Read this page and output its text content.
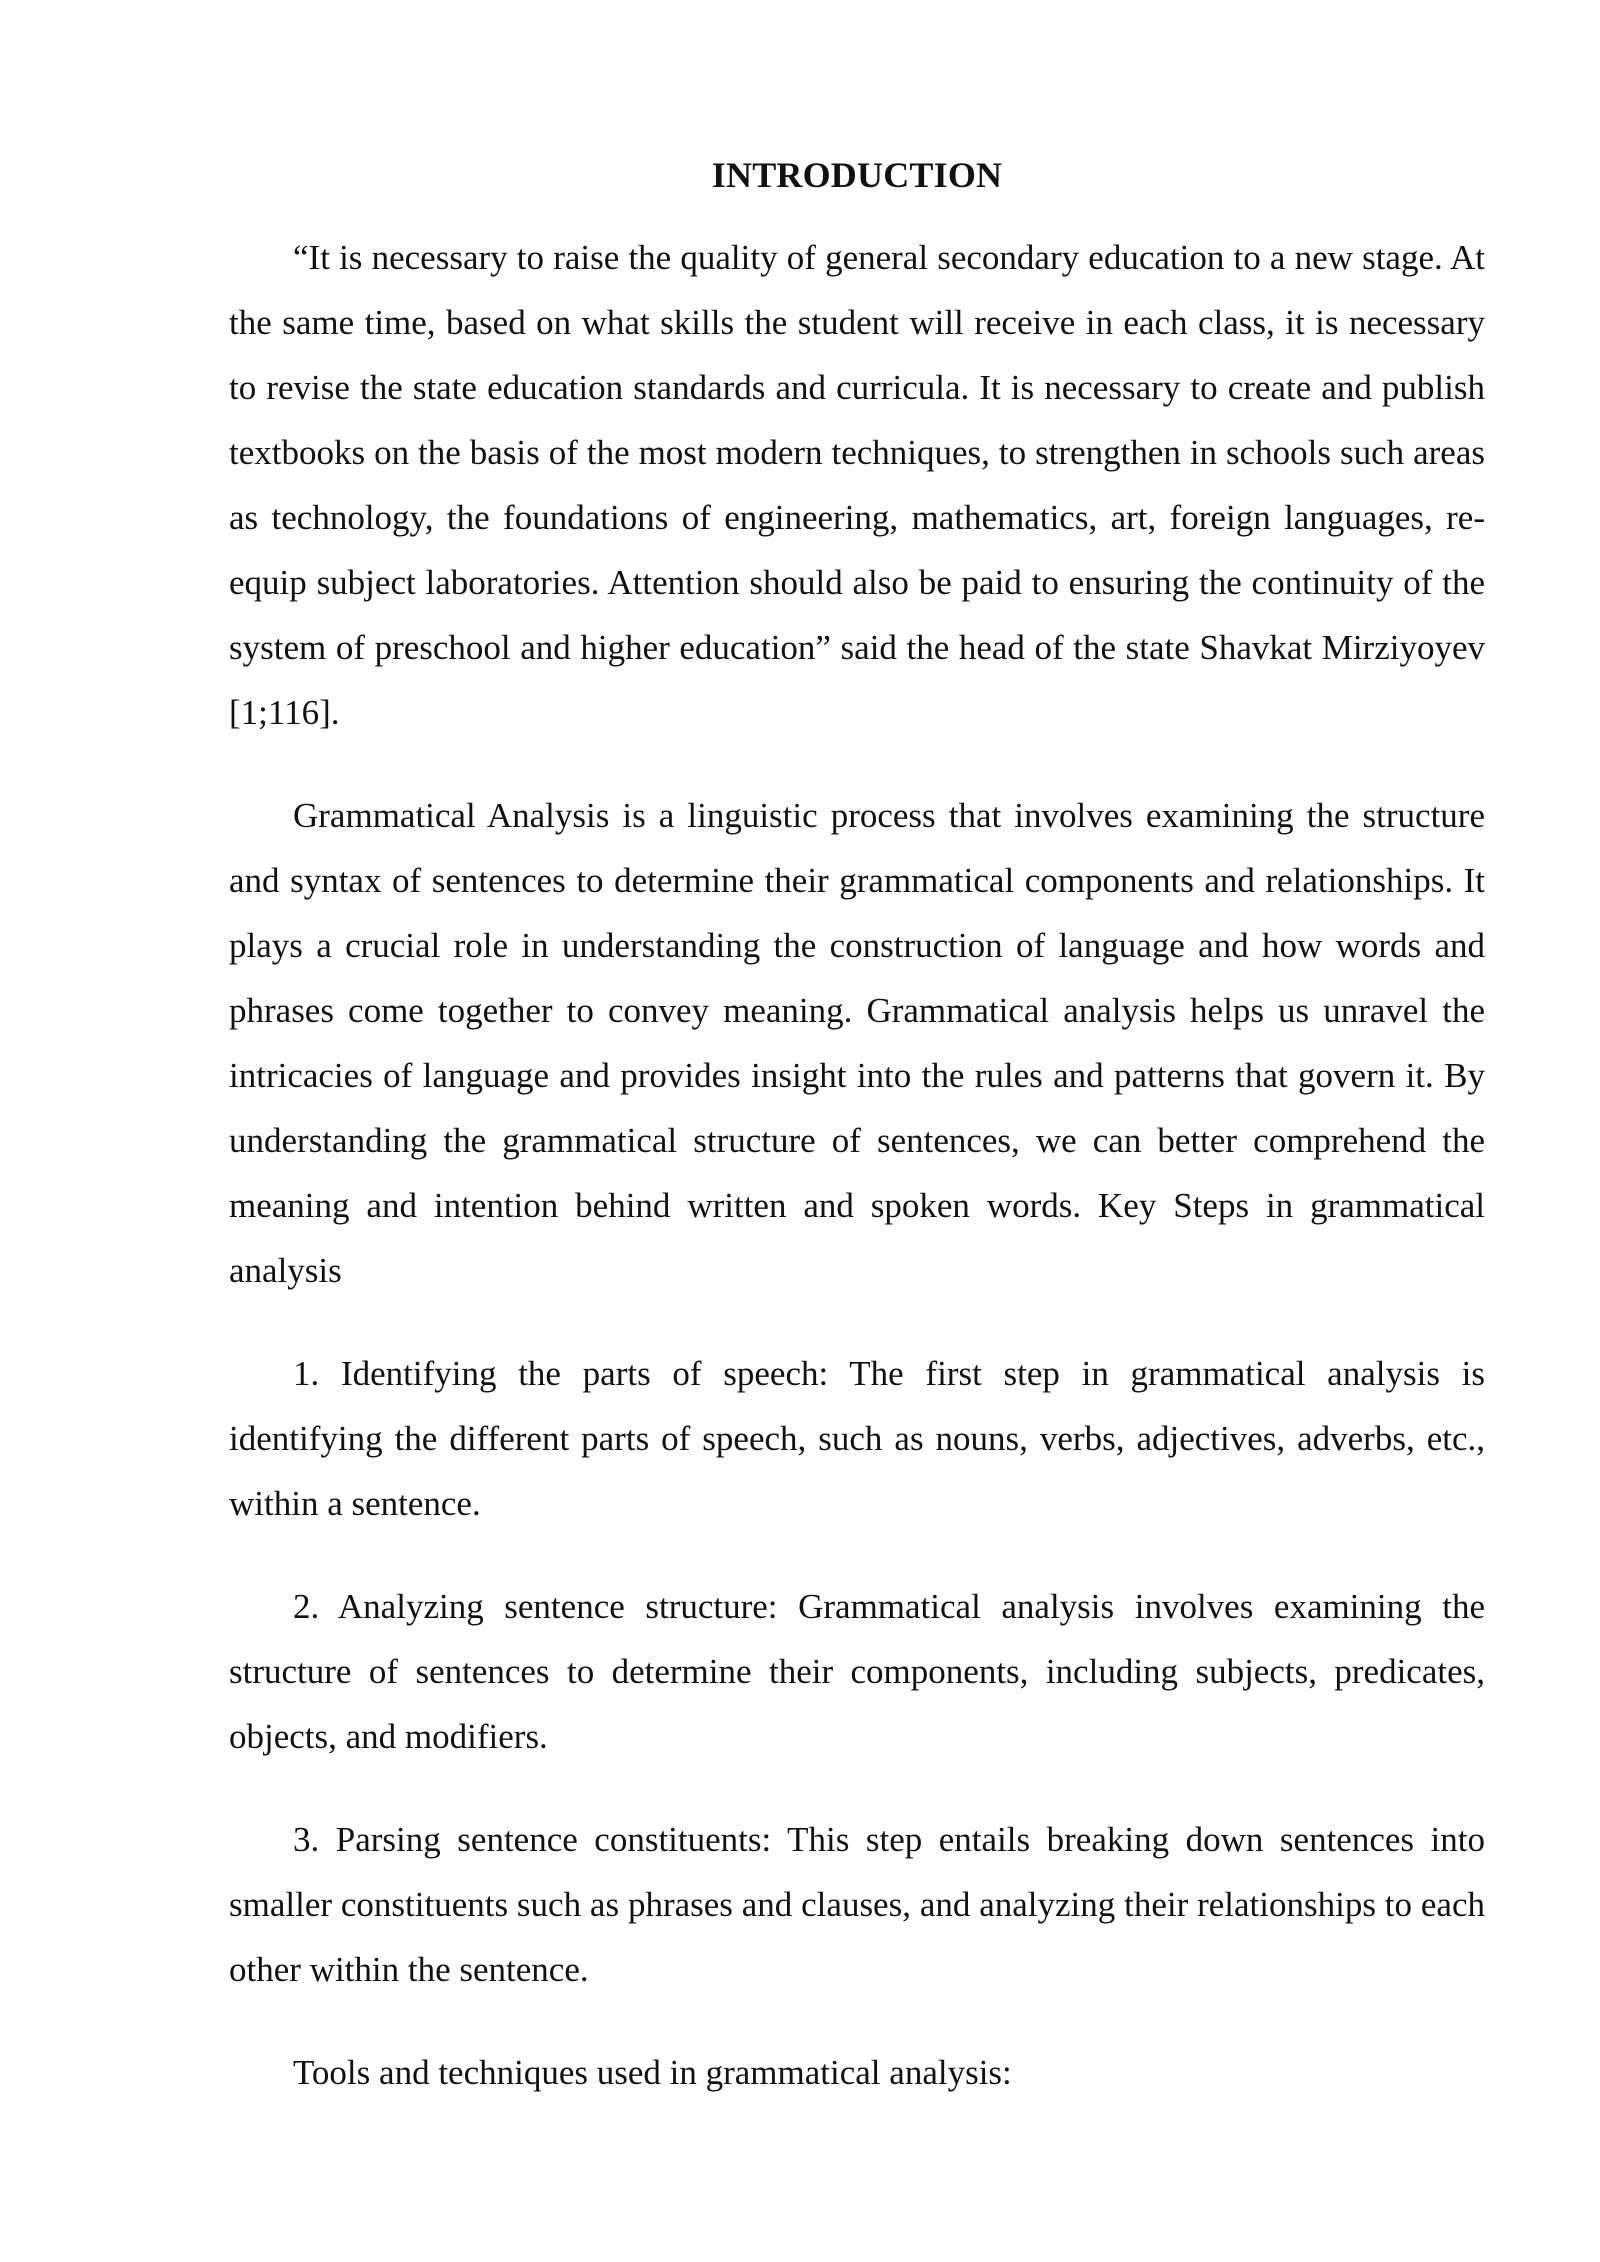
INTRODUCTION

“It is necessary to raise the quality of general secondary education to a new stage. At the same time, based on what skills the student will receive in each class, it is necessary to revise the state education standards and curricula. It is necessary to create and publish textbooks on the basis of the most modern techniques, to strengthen in schools such areas as technology, the foundations of engineering, mathematics, art, foreign languages, re-equip subject laboratories. Attention should also be paid to ensuring the continuity of the system of preschool and higher education” said the head of the state Shavkat Mirziyoyev [1;116].

Grammatical Analysis is a linguistic process that involves examining the structure and syntax of sentences to determine their grammatical components and relationships. It plays a crucial role in understanding the construction of language and how words and phrases come together to convey meaning. Grammatical analysis helps us unravel the intricacies of language and provides insight into the rules and patterns that govern it. By understanding the grammatical structure of sentences, we can better comprehend the meaning and intention behind written and spoken words. Key Steps in grammatical analysis

1. Identifying the parts of speech: The first step in grammatical analysis is identifying the different parts of speech, such as nouns, verbs, adjectives, adverbs, etc., within a sentence.

2. Analyzing sentence structure: Grammatical analysis involves examining the structure of sentences to determine their components, including subjects, predicates, objects, and modifiers.

3. Parsing sentence constituents: This step entails breaking down sentences into smaller constituents such as phrases and clauses, and analyzing their relationships to each other within the sentence.

Tools and techniques used in grammatical analysis:
